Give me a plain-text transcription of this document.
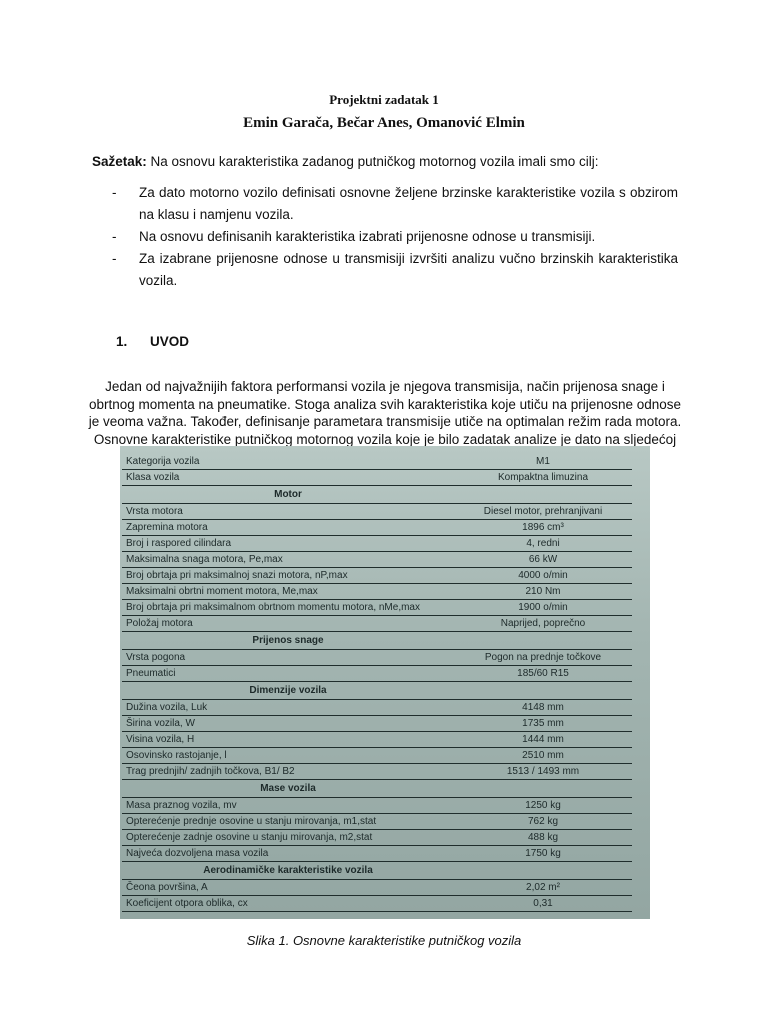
Projektni zadatak 1
Emin Garača, Bečar Anes, Omanović Elmin
Sažetak: Na osnovu karakteristika zadanog putničkog motornog vozila imali smo cilj:
- Za dato motorno vozilo definisati osnovne željene brzinske karakteristike vozila s obzirom na klasu i namjenu vozila.
- Na osnovu definisanih karakteristika izabrati prijenosne odnose u transmisiji.
- Za izabrane prijenosne odnose u transmisiji izvršiti analizu vučno brzinskih karakteristika vozila.
1. UVOD
Jedan od najvažnijih faktora performansi vozila je njegova transmisija, način prijenosa snage i obrtnog momenta na pneumatike. Stoga analiza svih karakteristika koje utiču na prijenosne odnose je veoma važna. Također, definisanje parametara transmisije utiče na optimalan režim rada motora. Osnovne karakteristike putničkog motornog vozila koje je bilo zadatak analize je dato na sljedećoj
Kategorija vozila	M1
Klasa vozila	Kompaktna limuzina
Motor	
Vrsta motora	Diesel motor, prehranjivani
Zapremina motora	1896 cm³
Broj i raspored cilindara	4, redni
Maksimalna snaga motora, Pe,max	66 kW
Broj obrtaja pri maksimalnoj snazi motora, nP,max	4000 o/min
Maksimalni obrtni moment motora, Me,max	210 Nm
Broj obrtaja pri maksimalnom obrtnom momentu motora, nMe,max	1900 o/min
Položaj motora	Naprijed, poprečno
Prijenos snage	
Vrsta pogona	Pogon na prednje točkove
Pneumatici	185/60 R15
Dimenzije vozila	
Dužina vozila, Luk	4148 mm
Širina vozila, W	1735 mm
Visina vozila, H	1444 mm
Osovinsko rastojanje, l	2510 mm
Trag prednjih/ zadnjih točkova, B1/ B2	1513 / 1493 mm
Mase vozila	
Masa praznog vozila, mv	1250 kg
Opterećenje prednje osovine u stanju mirovanja, m1,stat	762 kg
Opterećenje zadnje osovine u stanju mirovanja, m2,stat	488 kg
Najveća dozvoljena masa vozila	1750 kg
Aerodinamičke karakteristike vozila	
Čeona površina, A	2,02 m²
Koeficijent otpora oblika, cx	0,31
Slika 1. Osnovne karakteristike putničkog vozila
